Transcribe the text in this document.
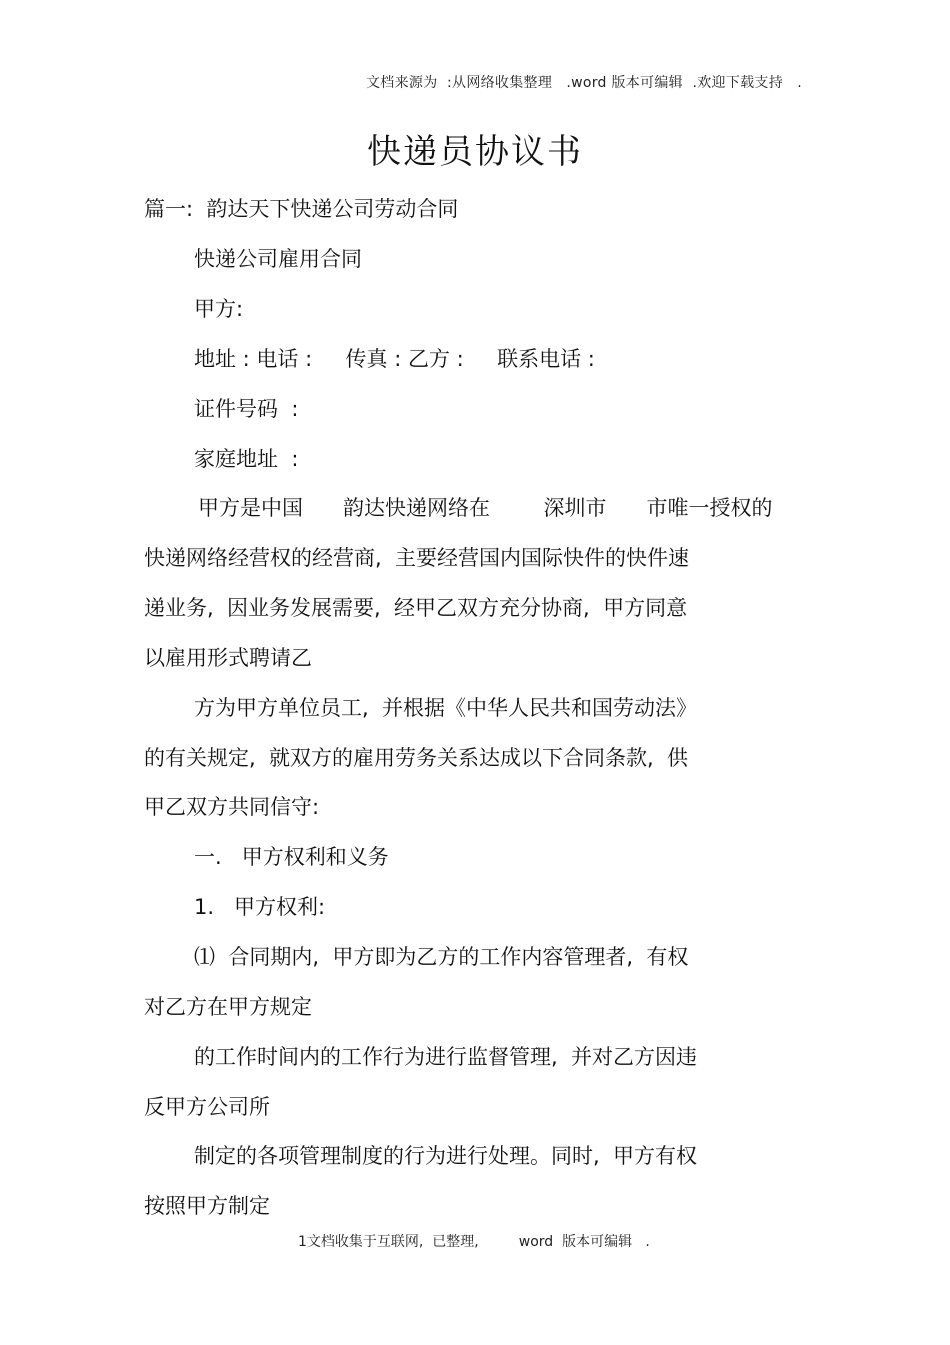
文档来源为  :从网络收集整理   .word 版本可编辑  .欢迎下载支持   .
快递员协议书
篇一:  韵达天下快递公司劳动合同
快递公司雇用合同
甲方:
地址 : 电话 :     传真 : 乙方 :     联系电话 :
证件号码  :
家庭地址  :
甲方是中国      韵达快递网络在        深圳市      市唯一授权的
快递网络经营权的经营商,  主要经营国内国际快件的快件速
递业务,  因业务发展需要,  经甲乙双方充分协商,  甲方同意
以雇用形式聘请乙
方为甲方单位员工,  并根据《中华人民共和国劳动法》
的有关规定,  就双方的雇用劳务关系达成以下合同条款,  供
甲乙双方共同信守:
一.   甲方权利和义务
1.   甲方权利:
⑴  合同期内,  甲方即为乙方的工作内容管理者,  有权
对乙方在甲方规定
的工作时间内的工作行为进行监督管理,  并对乙方因违
反甲方公司所
制定的各项管理制度的行为进行处理。同时,  甲方有权
按照甲方制定
1文档收集于互联网,  已整理,         word  版本可编辑   .
